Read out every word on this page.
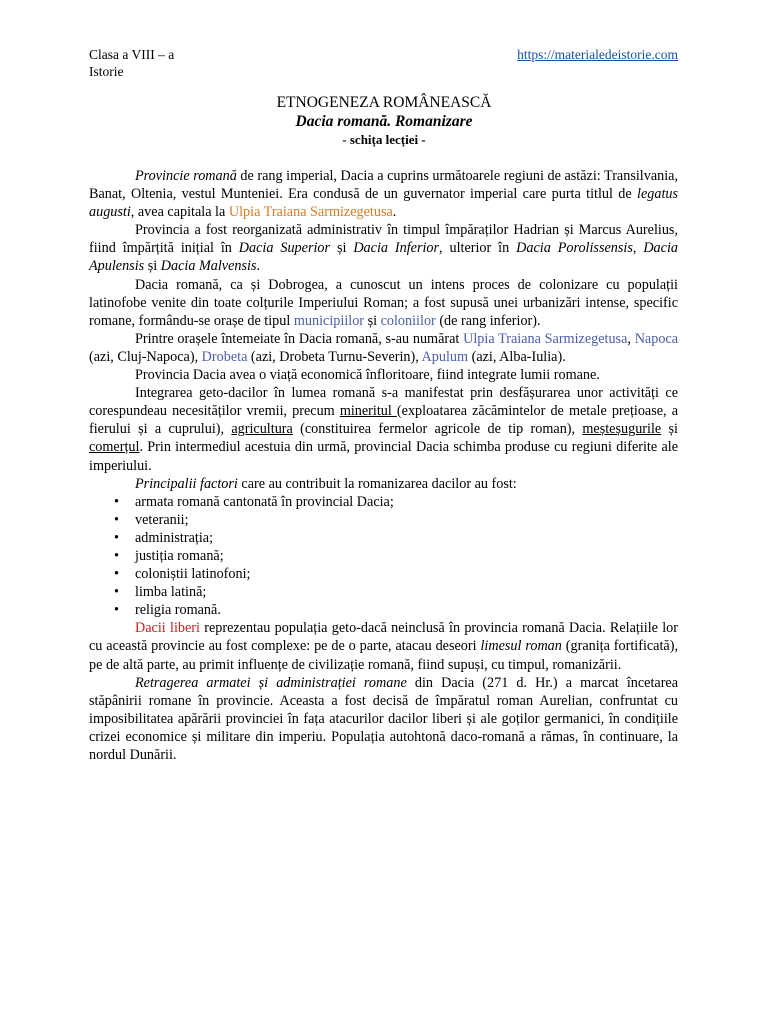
Clasa a VIII – a
Istorie
https://materialedeistorie.com
ETNOGENEZA ROMÂNEASCĂ
Dacia romană. Romanizare
- schița lecției -

Provincie romană de rang imperial, Dacia a cuprins următoarele regiuni de astăzi: Transilvania, Banat, Oltenia, vestul Munteniei. Era condusă de un guvernator imperial care purta titlul de legatus augusti, avea capitala la Ulpia Traiana Sarmizegetusa.

Provincia a fost reorganizată administrativ în timpul împăraților Hadrian și Marcus Aurelius, fiind împărțită inițial în Dacia Superior și Dacia Inferior, ulterior în Dacia Porolissensis, Dacia Apulensis și Dacia Malvensis.

Dacia romană, ca și Dobrogea, a cunoscut un intens proces de colonizare cu populații latinofobe venite din toate colțurile Imperiului Roman; a fost supusă unei urbanizări intense, specific romane, formându-se orașe de tipul municipiilor și coloniilor (de rang inferior).

Printre orașele întemeiate în Dacia romană, s-au numărat Ulpia Traiana Sarmizegetusa, Napoca (azi, Cluj-Napoca), Drobeta (azi, Drobeta Turnu-Severin), Apulum (azi, Alba-Iulia).

Provincia Dacia avea o viață economică înfloritoare, fiind integrate lumii romane.

Integrarea geto-dacilor în lumea romană s-a manifestat prin desfășurarea unor activități ce corespundeau necesităților vremii, precum mineritul (exploatarea zăcămintelor de metale prețioase, a fierului și a cuprului), agricultura (constituirea fermelor agricole de tip roman), meșteșugurile și comerțul. Prin intermediul acestuia din urmă, provincial Dacia schimba produse cu regiuni diferite ale imperiului.

Principalii factori care au contribuit la romanizarea dacilor au fost:

• armata romană cantonată în provincial Dacia;
• veteranii;
• administrația;
• justiția romană;
• coloniștii latinofoni;
• limba latină;
• religia romană.

Dacii liberi reprezentau populația geto-dacă neinclusă în provincia romană Dacia. Relațiile lor cu această provincie au fost complexe: pe de o parte, atacau deseori limesul roman (granița fortificată), pe de altă parte, au primit influențe de civilizație romană, fiind supuși, cu timpul, romanizării.

Retragerea armatei și administrației romane din Dacia (271 d. Hr.) a marcat încetarea stăpânirii romane în provincie. Aceasta a fost decisă de împăratul roman Aurelian, confruntat cu imposibilitatea apărării provinciei în fața atacurilor dacilor liberi și ale goților germanici, în condițiile crizei economice și militare din imperiu. Populația autohtonă daco-romană a rămas, în continuare, la nordul Dunării.
